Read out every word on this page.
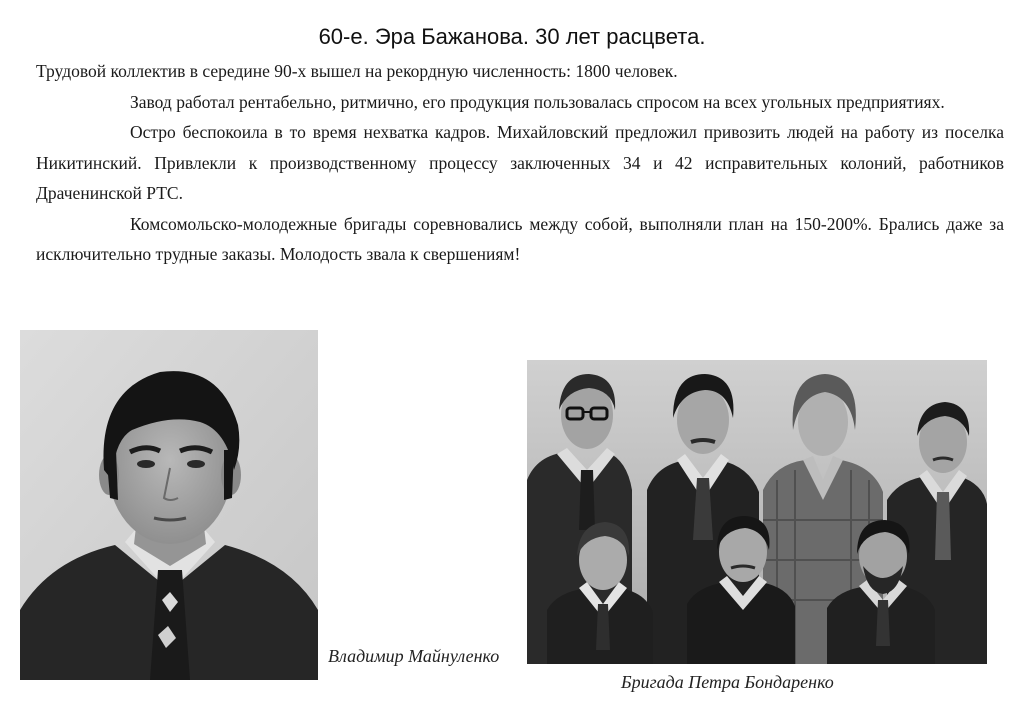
60-е. Эра Бажанова. 30 лет расцвета.

Трудовой коллектив в середине 90-х вышел на рекордную численность: 1800 человек.

Завод работал рентабельно, ритмично, его продукция пользовалась спросом на всех угольных предприятиях.

Остро беспокоила в то время нехватка кадров. Михайловский предложил привозить людей на работу из поселка Никитинский. Привлекли к производственному процессу заключенных 34 и 42 исправительных колоний, работников Драченинской РТС.

Комсомольско-молодежные бригады соревновались между собой, выполняли план на 150-200%. Брались даже за исключительно трудные заказы. Молодость звала к свершениям!

Владимир Майнуленко
Бригада Петра Бондаренко
